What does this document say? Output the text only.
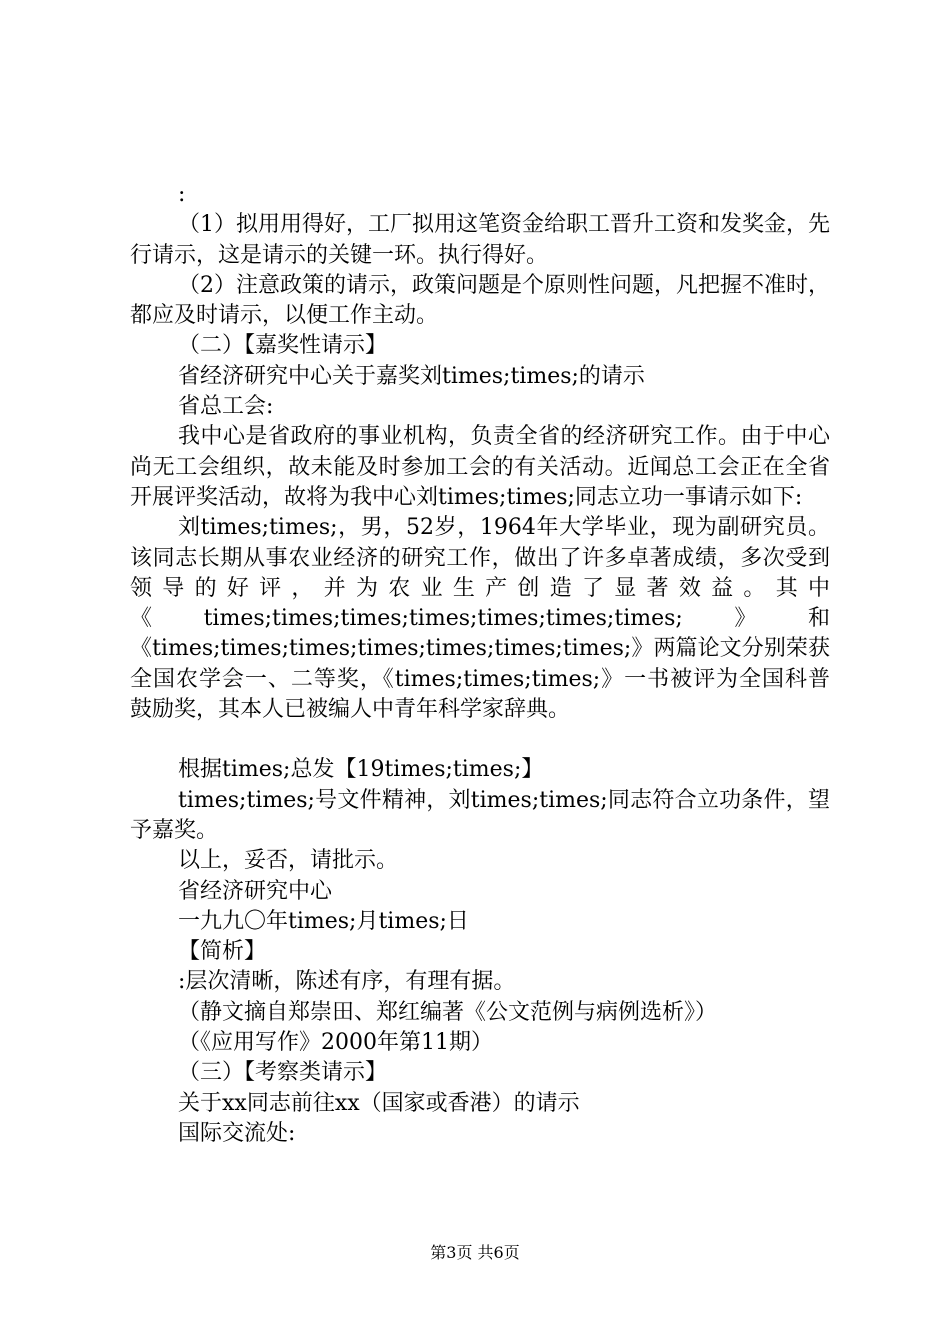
:

（1）拟用用得好，工厂拟用这笔资金给职工晋升工资和发奖金，先行请示，这是请示的关键一环。执行得好。

（2）注意政策的请示，政策问题是个原则性问题，凡把握不准时，都应及时请示，以便工作主动。

（二）【嘉奖性请示】

省经济研究中心关于嘉奖刘times;times;的请示

省总工会:

我中心是省政府的事业机构，负责全省的经济研究工作。由于中心尚无工会组织，故未能及时参加工会的有关活动。近闻总工会正在全省开展评奖活动，故将为我中心刘times;times;同志立功一事请示如下:

刘times;times;，男，52岁，1964年大学毕业，现为副研究员。该同志长期从事农业经济的研究工作，做出了许多卓著成绩，多次受到领导的好评，并为农业生产创造了显著效益。其中《times;times;times;times;times;times;times;》和《times;times;times;times;times;times;times;》两篇论文分别荣获全国农学会一、二等奖，《times;times;times;》一书被评为全国科普鼓励奖，其本人已被编人中青年科学家辞典。

根据times;总发【19times;times;】

times;times;号文件精神，刘times;times;同志符合立功条件，望予嘉奖。

以上，妥否，请批示。

省经济研究中心

一九九〇年times;月times;日

【简析】

:层次清晰，陈述有序，有理有据。

（静文摘自郑崇田、郑红编著《公文范例与病例选析》）

（《应用写作》2000年第11期）

（三）【考察类请示】

关于xx同志前往xx（国家或香港）的请示

国际交流处:

第3页 共6页
